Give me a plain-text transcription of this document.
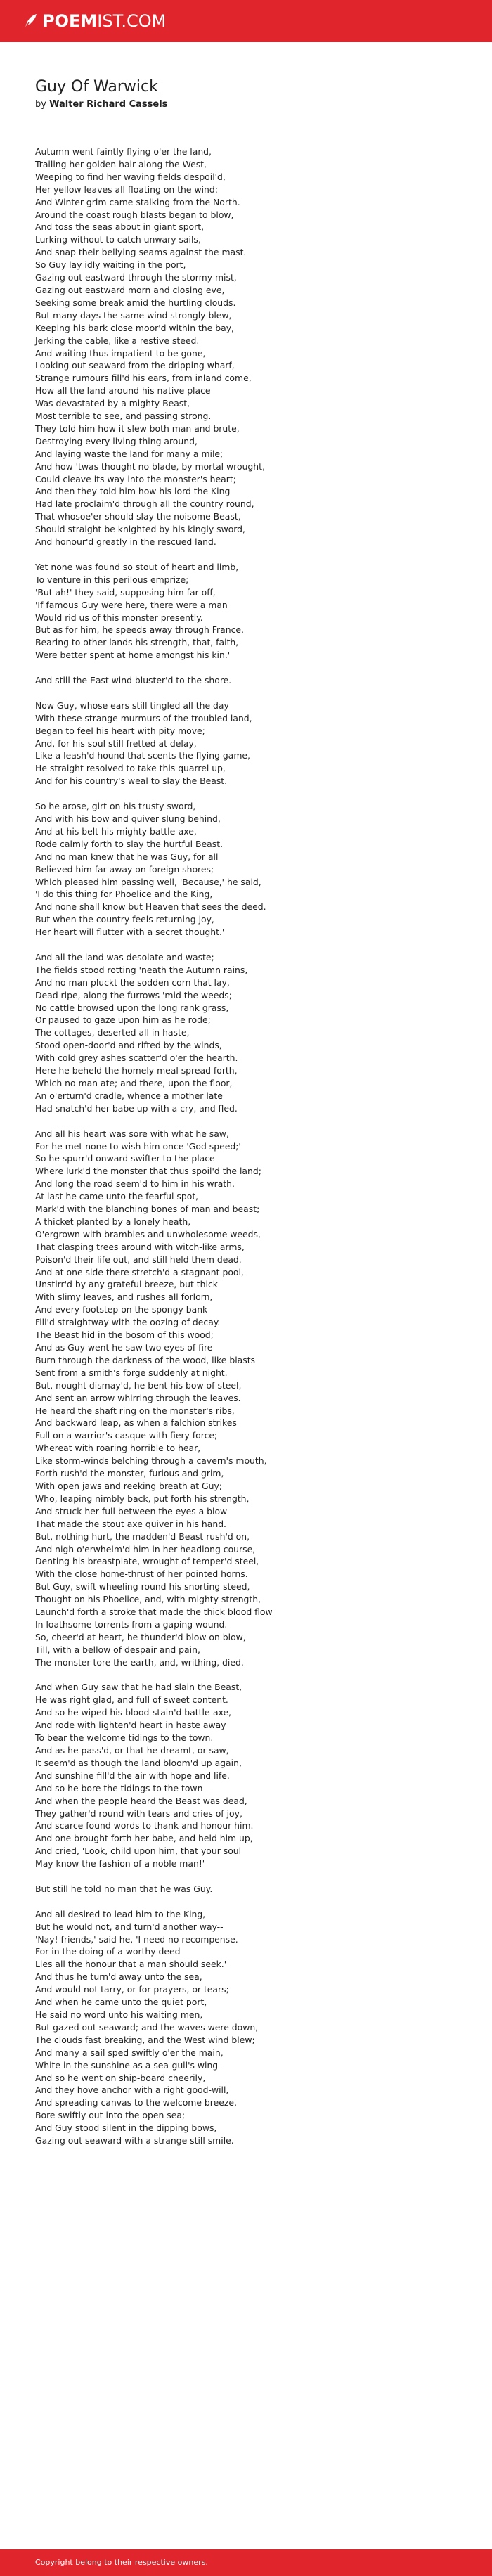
POEMIST.COM
Guy Of Warwick
by Walter Richard Cassels
Autumn went faintly flying o'er the land,
Trailing her golden hair along the West,
Weeping to find her waving fields despoil'd,
Her yellow leaves all floating on the wind:
And Winter grim came stalking from the North.
Around the coast rough blasts began to blow,
And toss the seas about in giant sport,
Lurking without to catch unwary sails,
And snap their bellying seams against the mast.
So Guy lay idly waiting in the port,
Gazing out eastward through the stormy mist,
Gazing out eastward morn and closing eve,
Seeking some break amid the hurtling clouds.
But many days the same wind strongly blew,
Keeping his bark close moor'd within the bay,
Jerking the cable, like a restive steed.
And waiting thus impatient to be gone,
Looking out seaward from the dripping wharf,
Strange rumours fill'd his ears, from inland come,
How all the land around his native place
Was devastated by a mighty Beast,
Most terrible to see, and passing strong.
They told him how it slew both man and brute,
Destroying every living thing around,
And laying waste the land for many a mile;
And how 'twas thought no blade, by mortal wrought,
Could cleave its way into the monster's heart;
And then they told him how his lord the King
Had late proclaim'd through all the country round,
That whosoe'er should slay the noisome Beast,
Should straight be knighted by his kingly sword,
And honour'd greatly in the rescued land.
Yet none was found so stout of heart and limb,
To venture in this perilous emprize;
'But ah!' they said, supposing him far off,
'If famous Guy were here, there were a man
Would rid us of this monster presently.
But as for him, he speeds away through France,
Bearing to other lands his strength, that, faith,
Were better spent at home amongst his kin.'
And still the East wind bluster'd to the shore.
Now Guy, whose ears still tingled all the day
With these strange murmurs of the troubled land,
Began to feel his heart with pity move;
And, for his soul still fretted at delay,
Like a leash'd hound that scents the flying game,
He straight resolved to take this quarrel up,
And for his country's weal to slay the Beast.
So he arose, girt on his trusty sword,
And with his bow and quiver slung behind,
And at his belt his mighty battle-axe,
Rode calmly forth to slay the hurtful Beast.
And no man knew that he was Guy, for all
Believed him far away on foreign shores;
Which pleased him passing well, 'Because,' he said,
'I do this thing for Phoelice and the King,
And none shall know but Heaven that sees the deed.
But when the country feels returning joy,
Her heart will flutter with a secret thought.'
And all the land was desolate and waste;
The fields stood rotting 'neath the Autumn rains,
And no man pluckt the sodden corn that lay,
Dead ripe, along the furrows 'mid the weeds;
No cattle browsed upon the long rank grass,
Or paused to gaze upon him as he rode;
The cottages, deserted all in haste,
Stood open-door'd and rifted by the winds,
With cold grey ashes scatter'd o'er the hearth.
Here he beheld the homely meal spread forth,
Which no man ate; and there, upon the floor,
An o'erturn'd cradle, whence a mother late
Had snatch'd her babe up with a cry, and fled.
And all his heart was sore with what he saw,
For he met none to wish him once 'God speed;'
So he spurr'd onward swifter to the place
Where lurk'd the monster that thus spoil'd the land;
And long the road seem'd to him in his wrath.
At last he came unto the fearful spot,
Mark'd with the blanching bones of man and beast;
A thicket planted by a lonely heath,
O'ergrown with brambles and unwholesome weeds,
That clasping trees around with witch-like arms,
Poison'd their life out, and still held them dead.
And at one side there stretch'd a stagnant pool,
Unstirr'd by any grateful breeze, but thick
With slimy leaves, and rushes all forlorn,
And every footstep on the spongy bank
Fill'd straightway with the oozing of decay.
The Beast hid in the bosom of this wood;
And as Guy went he saw two eyes of fire
Burn through the darkness of the wood, like blasts
Sent from a smith's forge suddenly at night.
But, nought dismay'd, he bent his bow of steel,
And sent an arrow whirring through the leaves.
He heard the shaft ring on the monster's ribs,
And backward leap, as when a falchion strikes
Full on a warrior's casque with fiery force;
Whereat with roaring horrible to hear,
Like storm-winds belching through a cavern's mouth,
Forth rush'd the monster, furious and grim,
With open jaws and reeking breath at Guy;
Who, leaping nimbly back, put forth his strength,
And struck her full between the eyes a blow
That made the stout axe quiver in his hand.
But, nothing hurt, the madden'd Beast rush'd on,
And nigh o'erwhelm'd him in her headlong course,
Denting his breastplate, wrought of temper'd steel,
With the close home-thrust of her pointed horns.
But Guy, swift wheeling round his snorting steed,
Thought on his Phoelice, and, with mighty strength,
Launch'd forth a stroke that made the thick blood flow
In loathsome torrents from a gaping wound.
So, cheer'd at heart, he thunder'd blow on blow,
Till, with a bellow of despair and pain,
The monster tore the earth, and, writhing, died.
And when Guy saw that he had slain the Beast,
He was right glad, and full of sweet content.
And so he wiped his blood-stain'd battle-axe,
And rode with lighten'd heart in haste away
To bear the welcome tidings to the town.
And as he pass'd, or that he dreamt, or saw,
It seem'd as though the land bloom'd up again,
And sunshine fill'd the air with hope and life.
And so he bore the tidings to the town—
And when the people heard the Beast was dead,
They gather'd round with tears and cries of joy,
And scarce found words to thank and honour him.
And one brought forth her babe, and held him up,
And cried, 'Look, child upon him, that your soul
May know the fashion of a noble man!'
But still he told no man that he was Guy.
And all desired to lead him to the King,
But he would not, and turn'd another way--
'Nay! friends,' said he, 'I need no recompense.
For in the doing of a worthy deed
Lies all the honour that a man should seek.'
And thus he turn'd away unto the sea,
And would not tarry, or for prayers, or tears;
And when he came unto the quiet port,
He said no word unto his waiting men,
But gazed out seaward; and the waves were down,
The clouds fast breaking, and the West wind blew;
And many a sail sped swiftly o'er the main,
White in the sunshine as a sea-gull's wing--
And so he went on ship-board cheerily,
And they hove anchor with a right good-will,
And spreading canvas to the welcome breeze,
Bore swiftly out into the open sea;
And Guy stood silent in the dipping bows,
Gazing out seaward with a strange still smile.
Copyright belong to their respective owners.
